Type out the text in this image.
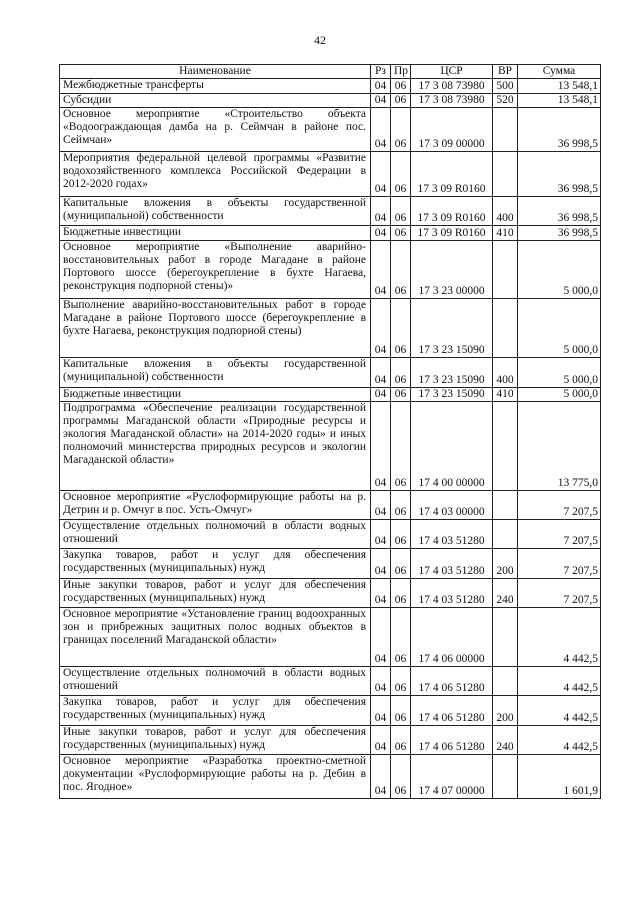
42
Наименование	Рз	Пр	ЦСР	ВР	Сумма
Межбюджетные трансферты	04	06	17 3 08 73980	500	13 548,1
Субсидии	04	06	17 3 08 73980	520	13 548,1
Основное мероприятие «Строительство объекта «Водоограждающая дамба на р. Сеймчан в районе пос. Сеймчан»	04	06	17 3 09 00000		36 998,5
Мероприятия федеральной целевой программы «Развитие водохозяйственного комплекса Российской Федерации в 2012-2020 годах»	04	06	17 3 09 R0160		36 998,5
Капитальные вложения в объекты государственной (муниципальной) собственности	04	06	17 3 09 R0160	400	36 998,5
Бюджетные инвестиции	04	06	17 3 09 R0160	410	36 998,5
Основное мероприятие «Выполнение аварийно-восстановительных работ в городе Магадане в районе Портового шоссе (берегоукрепление в бухте Нагаева, реконструкция подпорной стены)»	04	06	17 3 23 00000		5 000,0
Выполнение аварийно-восстановительных работ в городе Магадане в районе Портового шоссе (берегоукрепление в бухте Нагаева, реконструкция подпорной стены)	04	06	17 3 23 15090		5 000,0
Капитальные вложения в объекты государственной (муниципальной) собственности	04	06	17 3 23 15090	400	5 000,0
Бюджетные инвестиции	04	06	17 3 23 15090	410	5 000,0
Подпрограмма «Обеспечение реализации государственной программы Магаданской области «Природные ресурсы и экология Магаданской области» на 2014-2020 годы» и иных полномочий министерства природных ресурсов и экологии Магаданской области»	04	06	17 4 00 00000		13 775,0
Основное мероприятие «Руслоформирующие работы на р. Детрин и р. Омчуг в пос. Усть-Омчуг»	04	06	17 4 03 00000		7 207,5
Осуществление отдельных полномочий в области водных отношений	04	06	17 4 03 51280		7 207,5
Закупка товаров, работ и услуг для обеспечения государственных (муниципальных) нужд	04	06	17 4 03 51280	200	7 207,5
Иные закупки товаров, работ и услуг для обеспечения государственных (муниципальных) нужд	04	06	17 4 03 51280	240	7 207,5
Основное мероприятие «Установление границ водоохранных зон и прибрежных защитных полос водных объектов в границах поселений Магаданской области»	04	06	17 4 06 00000		4 442,5
Осуществление отдельных полномочий в области водных отношений	04	06	17 4 06 51280		4 442,5
Закупка товаров, работ и услуг для обеспечения государственных (муниципальных) нужд	04	06	17 4 06 51280	200	4 442,5
Иные закупки товаров, работ и услуг для обеспечения государственных (муниципальных) нужд	04	06	17 4 06 51280	240	4 442,5
Основное мероприятие «Разработка проектно-сметной документации «Руслоформирующие работы на р. Дебин в пос. Ягодное»	04	06	17 4 07 00000		1 601,9
